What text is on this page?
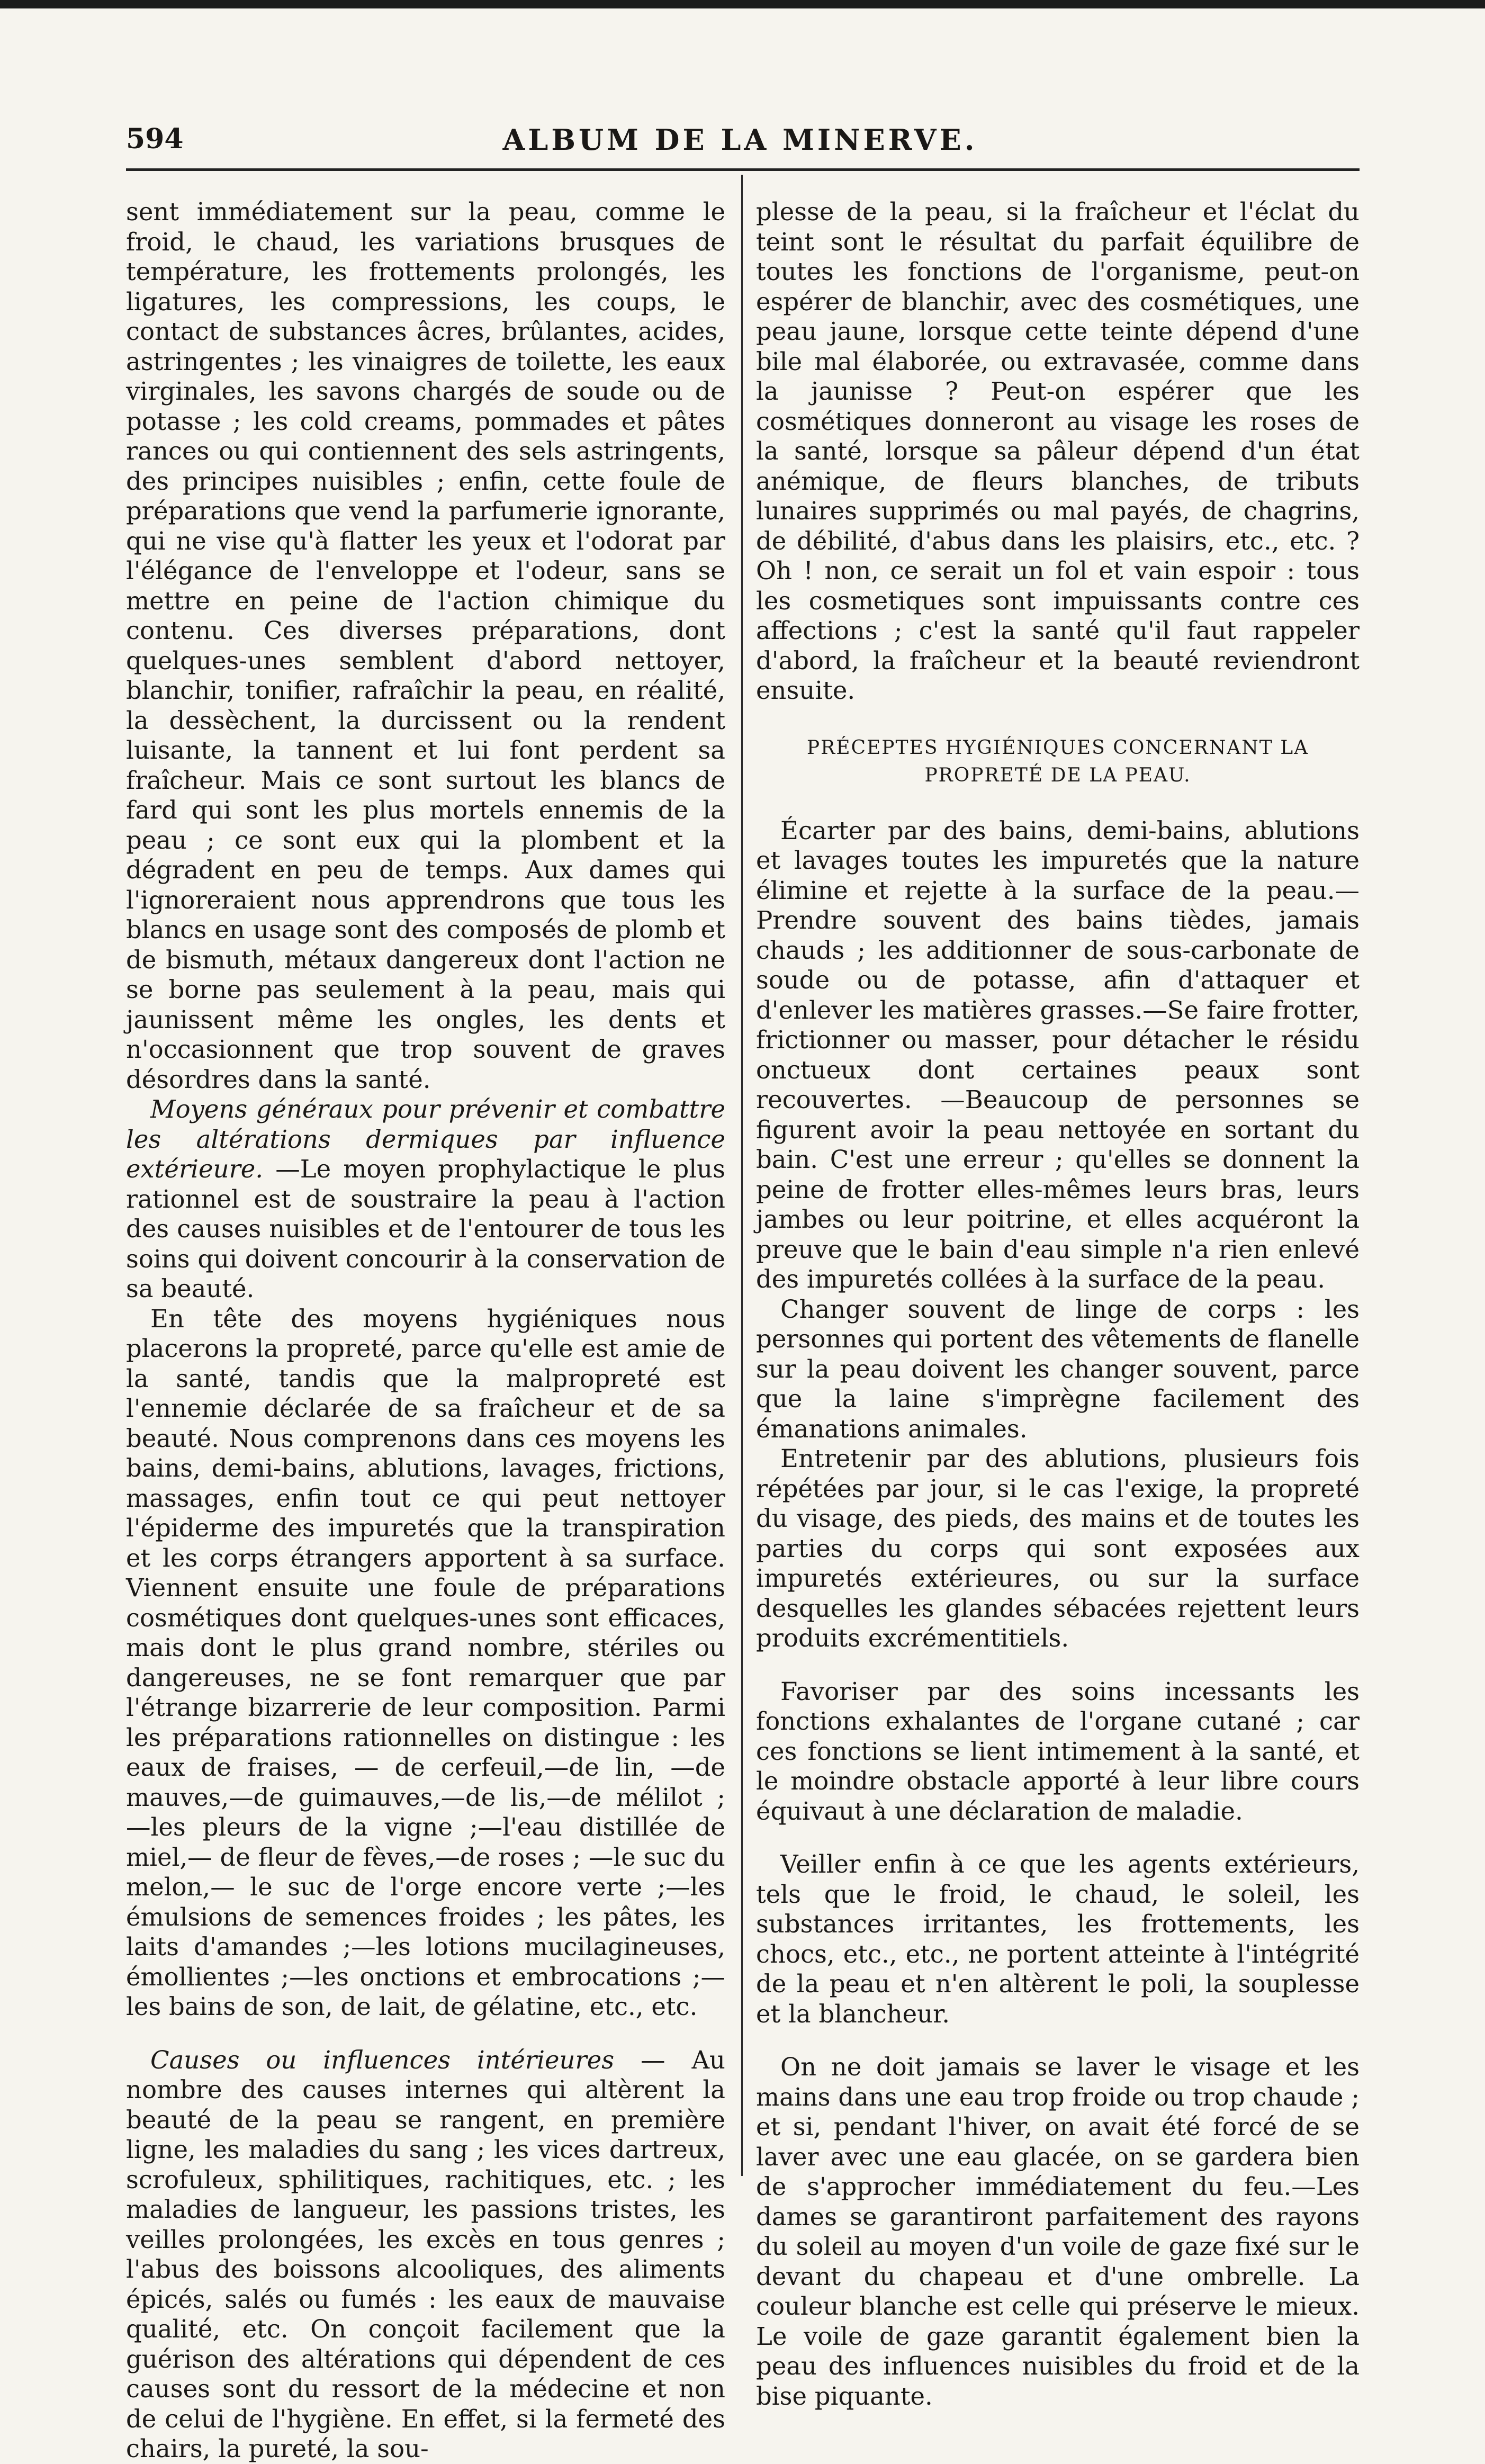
594	ALBUM DE LA MINERVE.

sent immédiatement sur la peau, comme le froid, le chaud, les variations brusques de température, les frottements prolongés, les ligatures, les compressions, les coups, le contact de substances âcres, brûlantes, acides, astringentes ; les vinaigres de toilette, les eaux virginales, les savons chargés de soude ou de potasse ; les cold creams, pommades et pâtes rances ou qui contiennent des sels astringents, des principes nuisibles ; enfin, cette foule de préparations que vend la parfumerie ignorante, qui ne vise qu'à flatter les yeux et l'odorat par l'élégance de l'enveloppe et l'odeur, sans se mettre en peine de l'action chimique du contenu. Ces diverses préparations, dont quelques-unes semblent d'abord nettoyer, blanchir, tonifier, rafraîchir la peau, en réalité, la dessèchent, la durcissent ou la rendent luisante, la tannent et lui font perdent sa fraîcheur. Mais ce sont surtout les blancs de fard qui sont les plus mortels ennemis de la peau ; ce sont eux qui la plombent et la dégradent en peu de temps. Aux dames qui l'ignoreraient nous apprendrons que tous les blancs en usage sont des composés de plomb et de bismuth, métaux dangereux dont l'action ne se borne pas seulement à la peau, mais qui jaunissent même les ongles, les dents et n'occasionnent que trop souvent de graves désordres dans la santé.

Moyens généraux pour prévenir et combattre les altérations dermiques par influence extérieure. —Le moyen prophylactique le plus rationnel est de soustraire la peau à l'action des causes nuisibles et de l'entourer de tous les soins qui doivent concourir à la conservation de sa beauté.

En tête des moyens hygiéniques nous placerons la propreté, parce qu'elle est amie de la santé, tandis que la malpropreté est l'ennemie déclarée de sa fraîcheur et de sa beauté. Nous comprenons dans ces moyens les bains, demi-bains, ablutions, lavages, frictions, massages, enfin tout ce qui peut nettoyer l'épiderme des impuretés que la transpiration et les corps étrangers apportent à sa surface. Viennent ensuite une foule de préparations cosmétiques dont quelques-unes sont efficaces, mais dont le plus grand nombre, stériles ou dangereuses, ne se font remarquer que par l'étrange bizarrerie de leur composition. Parmi les préparations rationnelles on distingue : les eaux de fraises, — de cerfeuil,—de lin, —de mauves,—de guimauves,—de lis,—de mélilot ; —les pleurs de la vigne ;—l'eau distillée de miel,— de fleur de fèves,—de roses ; —le suc du melon,— le suc de l'orge encore verte ;—les émulsions de semences froides ; les pâtes, les laits d'amandes ;—les lotions mucilagineuses, émollientes ;—les onctions et embrocations ;—les bains de son, de lait, de gélatine, etc., etc.

Causes ou influences intérieures — Au nombre des causes internes qui altèrent la beauté de la peau se rangent, en première ligne, les maladies du sang ; les vices dartreux, scrofuleux, sphilitiques, rachitiques, etc. ; les maladies de langueur, les passions tristes, les veilles prolongées, les excès en tous genres ; l'abus des boissons alcooliques, des aliments épicés, salés ou fumés : les eaux de mauvaise qualité, etc. On conçoit facilement que la guérison des altérations qui dépendent de ces causes sont du ressort de la médecine et non de celui de l'hygiène. En effet, si la fermeté des chairs, la pureté, la sou-

plesse de la peau, si la fraîcheur et l'éclat du teint sont le résultat du parfait équilibre de toutes les fonctions de l'organisme, peut-on espérer de blanchir, avec des cosmétiques, une peau jaune, lorsque cette teinte dépend d'une bile mal élaborée, ou extravasée, comme dans la jaunisse ? Peut-on espérer que les cosmétiques donneront au visage les roses de la santé, lorsque sa pâleur dépend d'un état anémique, de fleurs blanches, de tributs lunaires supprimés ou mal payés, de chagrins, de débilité, d'abus dans les plaisirs, etc., etc. ? Oh ! non, ce serait un fol et vain espoir : tous les cosmetiques sont impuissants contre ces affections ; c'est la santé qu'il faut rappeler d'abord, la fraîcheur et la beauté reviendront ensuite.

PRÉCEPTES HYGIÉNIQUES CONCERNANT LA PROPRETÉ DE LA PEAU.

Écarter par des bains, demi-bains, ablutions et lavages toutes les impuretés que la nature élimine et rejette à la surface de la peau.—Prendre souvent des bains tièdes, jamais chauds ; les additionner de sous-carbonate de soude ou de potasse, afin d'attaquer et d'enlever les matières grasses.—Se faire frotter, frictionner ou masser, pour détacher le résidu onctueux dont certaines peaux sont recouvertes. —Beaucoup de personnes se figurent avoir la peau nettoyée en sortant du bain. C'est une erreur ; qu'elles se donnent la peine de frotter elles-mêmes leurs bras, leurs jambes ou leur poitrine, et elles acquéront la preuve que le bain d'eau simple n'a rien enlevé des impuretés collées à la surface de la peau.

Changer souvent de linge de corps : les personnes qui portent des vêtements de flanelle sur la peau doivent les changer souvent, parce que la laine s'imprègne facilement des émanations animales.

Entretenir par des ablutions, plusieurs fois répétées par jour, si le cas l'exige, la propreté du visage, des pieds, des mains et de toutes les parties du corps qui sont exposées aux impuretés extérieures, ou sur la surface desquelles les glandes sébacées rejettent leurs produits excrémentitiels.

Favoriser par des soins incessants les fonctions exhalantes de l'organe cutané ; car ces fonctions se lient intimement à la santé, et le moindre obstacle apporté à leur libre cours équivaut à une déclaration de maladie.

Veiller enfin à ce que les agents extérieurs, tels que le froid, le chaud, le soleil, les substances irritantes, les frottements, les chocs, etc., etc., ne portent atteinte à l'intégrité de la peau et n'en altèrent le poli, la souplesse et la blancheur.

On ne doit jamais se laver le visage et les mains dans une eau trop froide ou trop chaude ; et si, pendant l'hiver, on avait été forcé de se laver avec une eau glacée, on se gardera bien de s'approcher immédiatement du feu.—Les dames se garantiront parfaitement des rayons du soleil au moyen d'un voile de gaze fixé sur le devant du chapeau et d'une ombrelle. La couleur blanche est celle qui préserve le mieux. Le voile de gaze garantit également bien la peau des influences nuisibles du froid et de la bise piquante.
